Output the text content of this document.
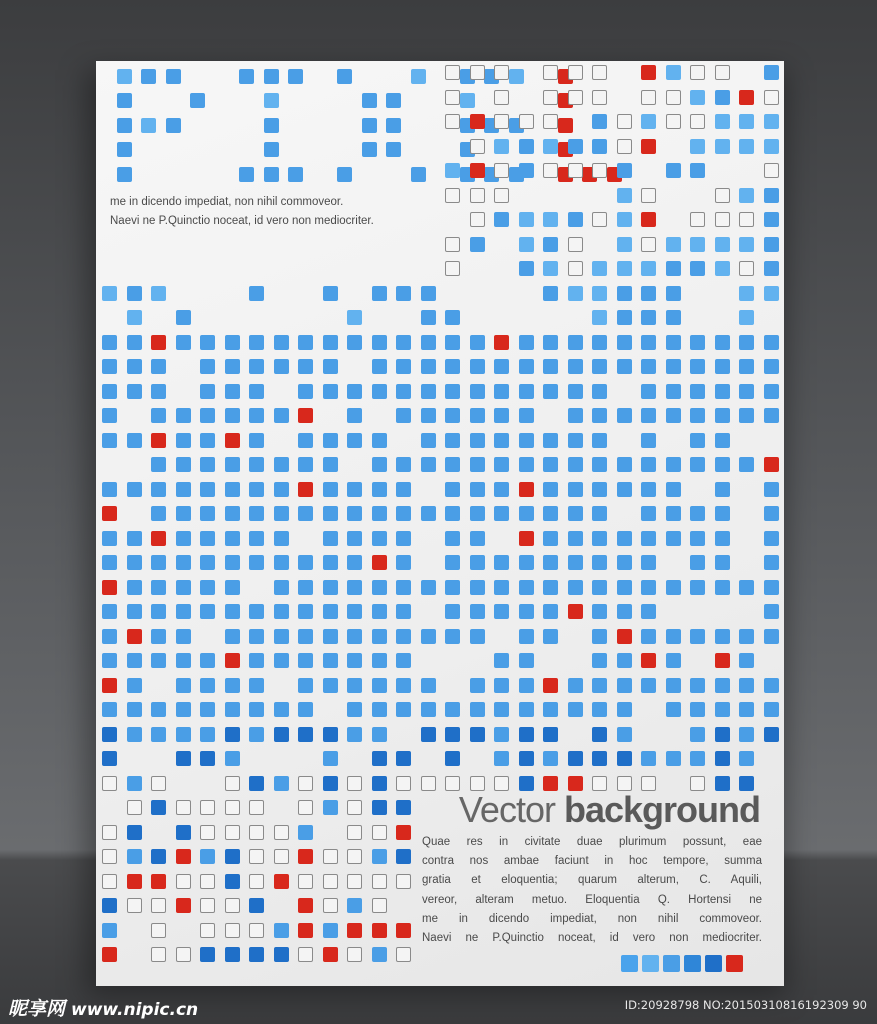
me in dicendo impediat, non nihil commoveor.
Naevi ne P.Quinctio noceat, id vero non mediocriter.
Vector background
Quae res in civitate duae plurimum possunt, eae
contra nos ambae faciunt in hoc tempore, summa
gratia et eloquentia; quarum alterum, C. Aquili,
vereor, alteram metuo. Eloquentia Q. Hortensi ne
me in dicendo impediat, non nihil commoveor.
Naevi ne P.Quinctio noceat, id vero non mediocriter.
昵享网 www.nipic.cn	ID:20928798 NO:20150310816192309 90
